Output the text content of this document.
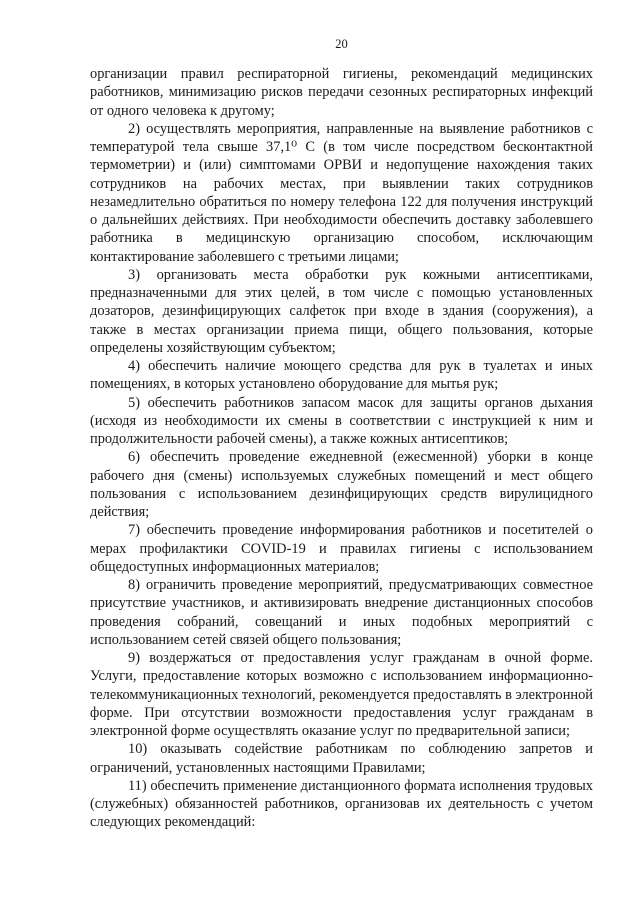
20

организации правил респираторной гигиены, рекомендаций медицинских работников, минимизацию рисков передачи сезонных респираторных инфекций от одного человека к другому;

2) осуществлять мероприятия, направленные на выявление работников с температурой тела свыше 37,1⁰ С (в том числе посредством бесконтактной термометрии) и (или) симптомами ОРВИ и недопущение нахождения таких сотрудников на рабочих местах, при выявлении таких сотрудников незамедлительно обратиться по номеру телефона 122 для получения инструкций о дальнейших действиях. При необходимости обеспечить доставку заболевшего работника в медицинскую организацию способом, исключающим контактирование заболевшего с третьими лицами;

3) организовать места обработки рук кожными антисептиками, предназначенными для этих целей, в том числе с помощью установленных дозаторов, дезинфицирующих салфеток при входе в здания (сооружения), а также в местах организации приема пищи, общего пользования, которые определены хозяйствующим субъектом;

4) обеспечить наличие моющего средства для рук в туалетах и иных помещениях, в которых установлено оборудование для мытья рук;

5) обеспечить работников запасом масок для защиты органов дыхания (исходя из необходимости их смены в соответствии с инструкцией к ним и продолжительности рабочей смены), а также кожных антисептиков;

6) обеспечить проведение ежедневной (ежесменной) уборки в конце рабочего дня (смены) используемых служебных помещений и мест общего пользования с использованием дезинфицирующих средств вирулицидного действия;

7) обеспечить проведение информирования работников и посетителей о мерах профилактики COVID-19 и правилах гигиены с использованием общедоступных информационных материалов;

8) ограничить проведение мероприятий, предусматривающих совместное присутствие участников, и активизировать внедрение дистанционных способов проведения собраний, совещаний и иных подобных мероприятий с использованием сетей связей общего пользования;

9) воздержаться от предоставления услуг гражданам в очной форме. Услуги, предоставление которых возможно с использованием информационно-телекоммуникационных технологий, рекомендуется предоставлять в электронной форме. При отсутствии возможности предоставления услуг гражданам в электронной форме осуществлять оказание услуг по предварительной записи;

10) оказывать содействие работникам по соблюдению запретов и ограничений, установленных настоящими Правилами;

11) обеспечить применение дистанционного формата исполнения трудовых (служебных) обязанностей работников, организовав их деятельность с учетом следующих рекомендаций:
